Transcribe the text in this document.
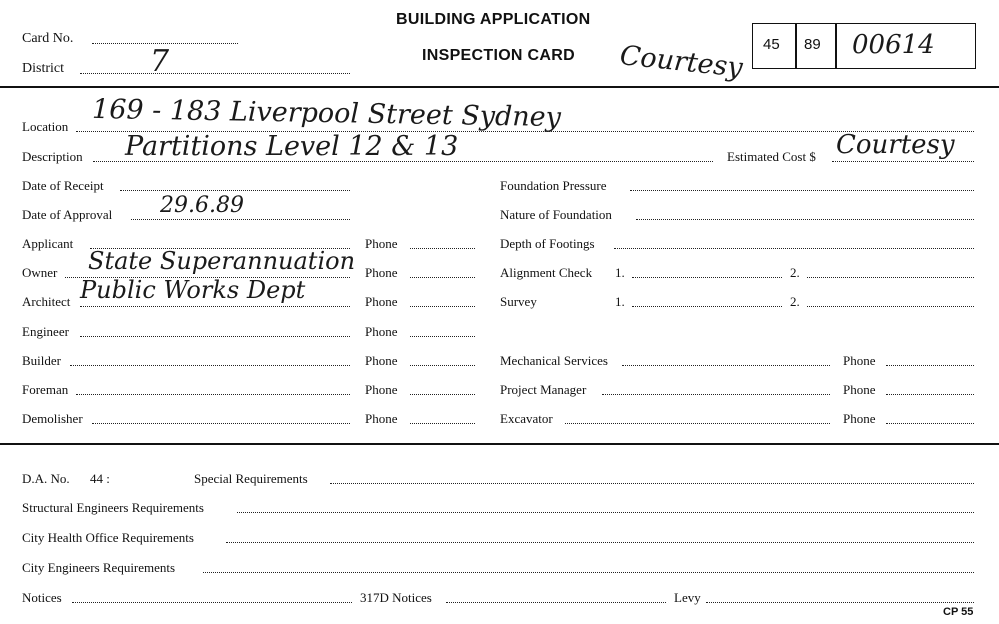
Card No.
District	7
BUILDING APPLICATION
INSPECTION CARD Courtesy 45 89 00614
Location 169 - 183 Liverpool Street Sydney
Description Partitions Level 12 & 13	Estimated Cost $ Courtesy
Date of Receipt
Date of Approval 29.6.89
Applicant	Phone
Owner State Superannuation Phone
Architect Public Works Dept	Phone
Engineer	Phone
Builder	Phone
Foreman	Phone
Demolisher	Phone
Foundation Pressure
Nature of Foundation
Depth of Footings
Alignment Check 1.	2.
Survey	1.	2.
Mechanical Services	Phone
Project Manager	Phone
Excavator	Phone
D.A. No. 44 :	Special Requirements
Structural Engineers Requirements
City Health Office Requirements
City Engineers Requirements
Notices	317D Notices	Levy
CP 55
